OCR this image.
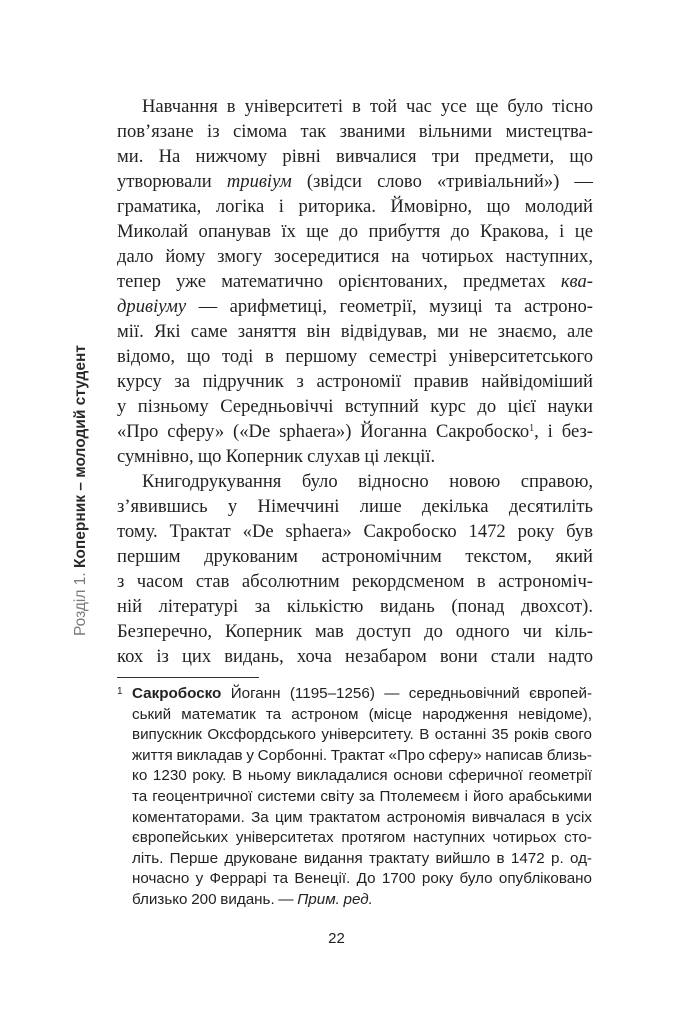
Розділ 1. Коперник – молодий студент
Навчання в університеті в той час усе ще було тісно
пов’язане із сімома так званими вільними мистецтва-
ми. На нижчому рівні вивчалися три предмети, що
утворювали тривіум (звідси слово «тривіальний») —
граматика, логіка і риторика. Ймовірно, що молодий
Миколай опанував їх ще до прибуття до Кракова, і це
дало йому змогу зосередитися на чотирьох наступних,
тепер уже математично орієнтованих, предметах ква-
дривіуму — арифметиці, геометрії, музиці та астроно-
мії. Які саме заняття він відвідував, ми не знаємо, але
відомо, що тоді в першому семестрі університетського
курсу за підручник з астрономії правив найвідоміший
у пізньому Середньовіччі вступний курс до цієї науки
«Про сферу» («De sphaera») Йоганна Сакробоско$^1$, і без-
сумнівно, що Коперник слухав ці лекції.
Книгодрукування було відносно новою справою,
з’явившись у Німеччині лише декілька десятиліть
тому. Трактат «De sphaera» Сакробоско 1472 року був
першим друкованим астрономічним текстом, який
з часом став абсолютним рекордсменом в астрономіч-
ній літературі за кількістю видань (понад двохсот).
Безперечно, Коперник мав доступ до одного чи кіль-
кох із цих видань, хоча незабаром вони стали надто
1 Сакробоско Йоганн (1195–1256) — середньовічний європей-
ський математик та астроном (місце народження невідоме),
випускник Оксфордського університету. В останні 35 років свого
життя викладав у Сорбонні. Трактат «Про сферу» написав близь-
ко 1230 року. В ньому викладалися основи сферичної геометрії
та геоцентричної системи світу за Птолемеєм і його арабськими
коментаторами. За цим трактатом астрономія вивчалася в усіх
європейських університетах протягом наступних чотирьох сто-
літь. Перше друковане видання трактату вийшло в 1472 р. од-
ночасно у Феррарі та Венеції. До 1700 року було опубліковано
близько 200 видань. — Прим. ред.
22
